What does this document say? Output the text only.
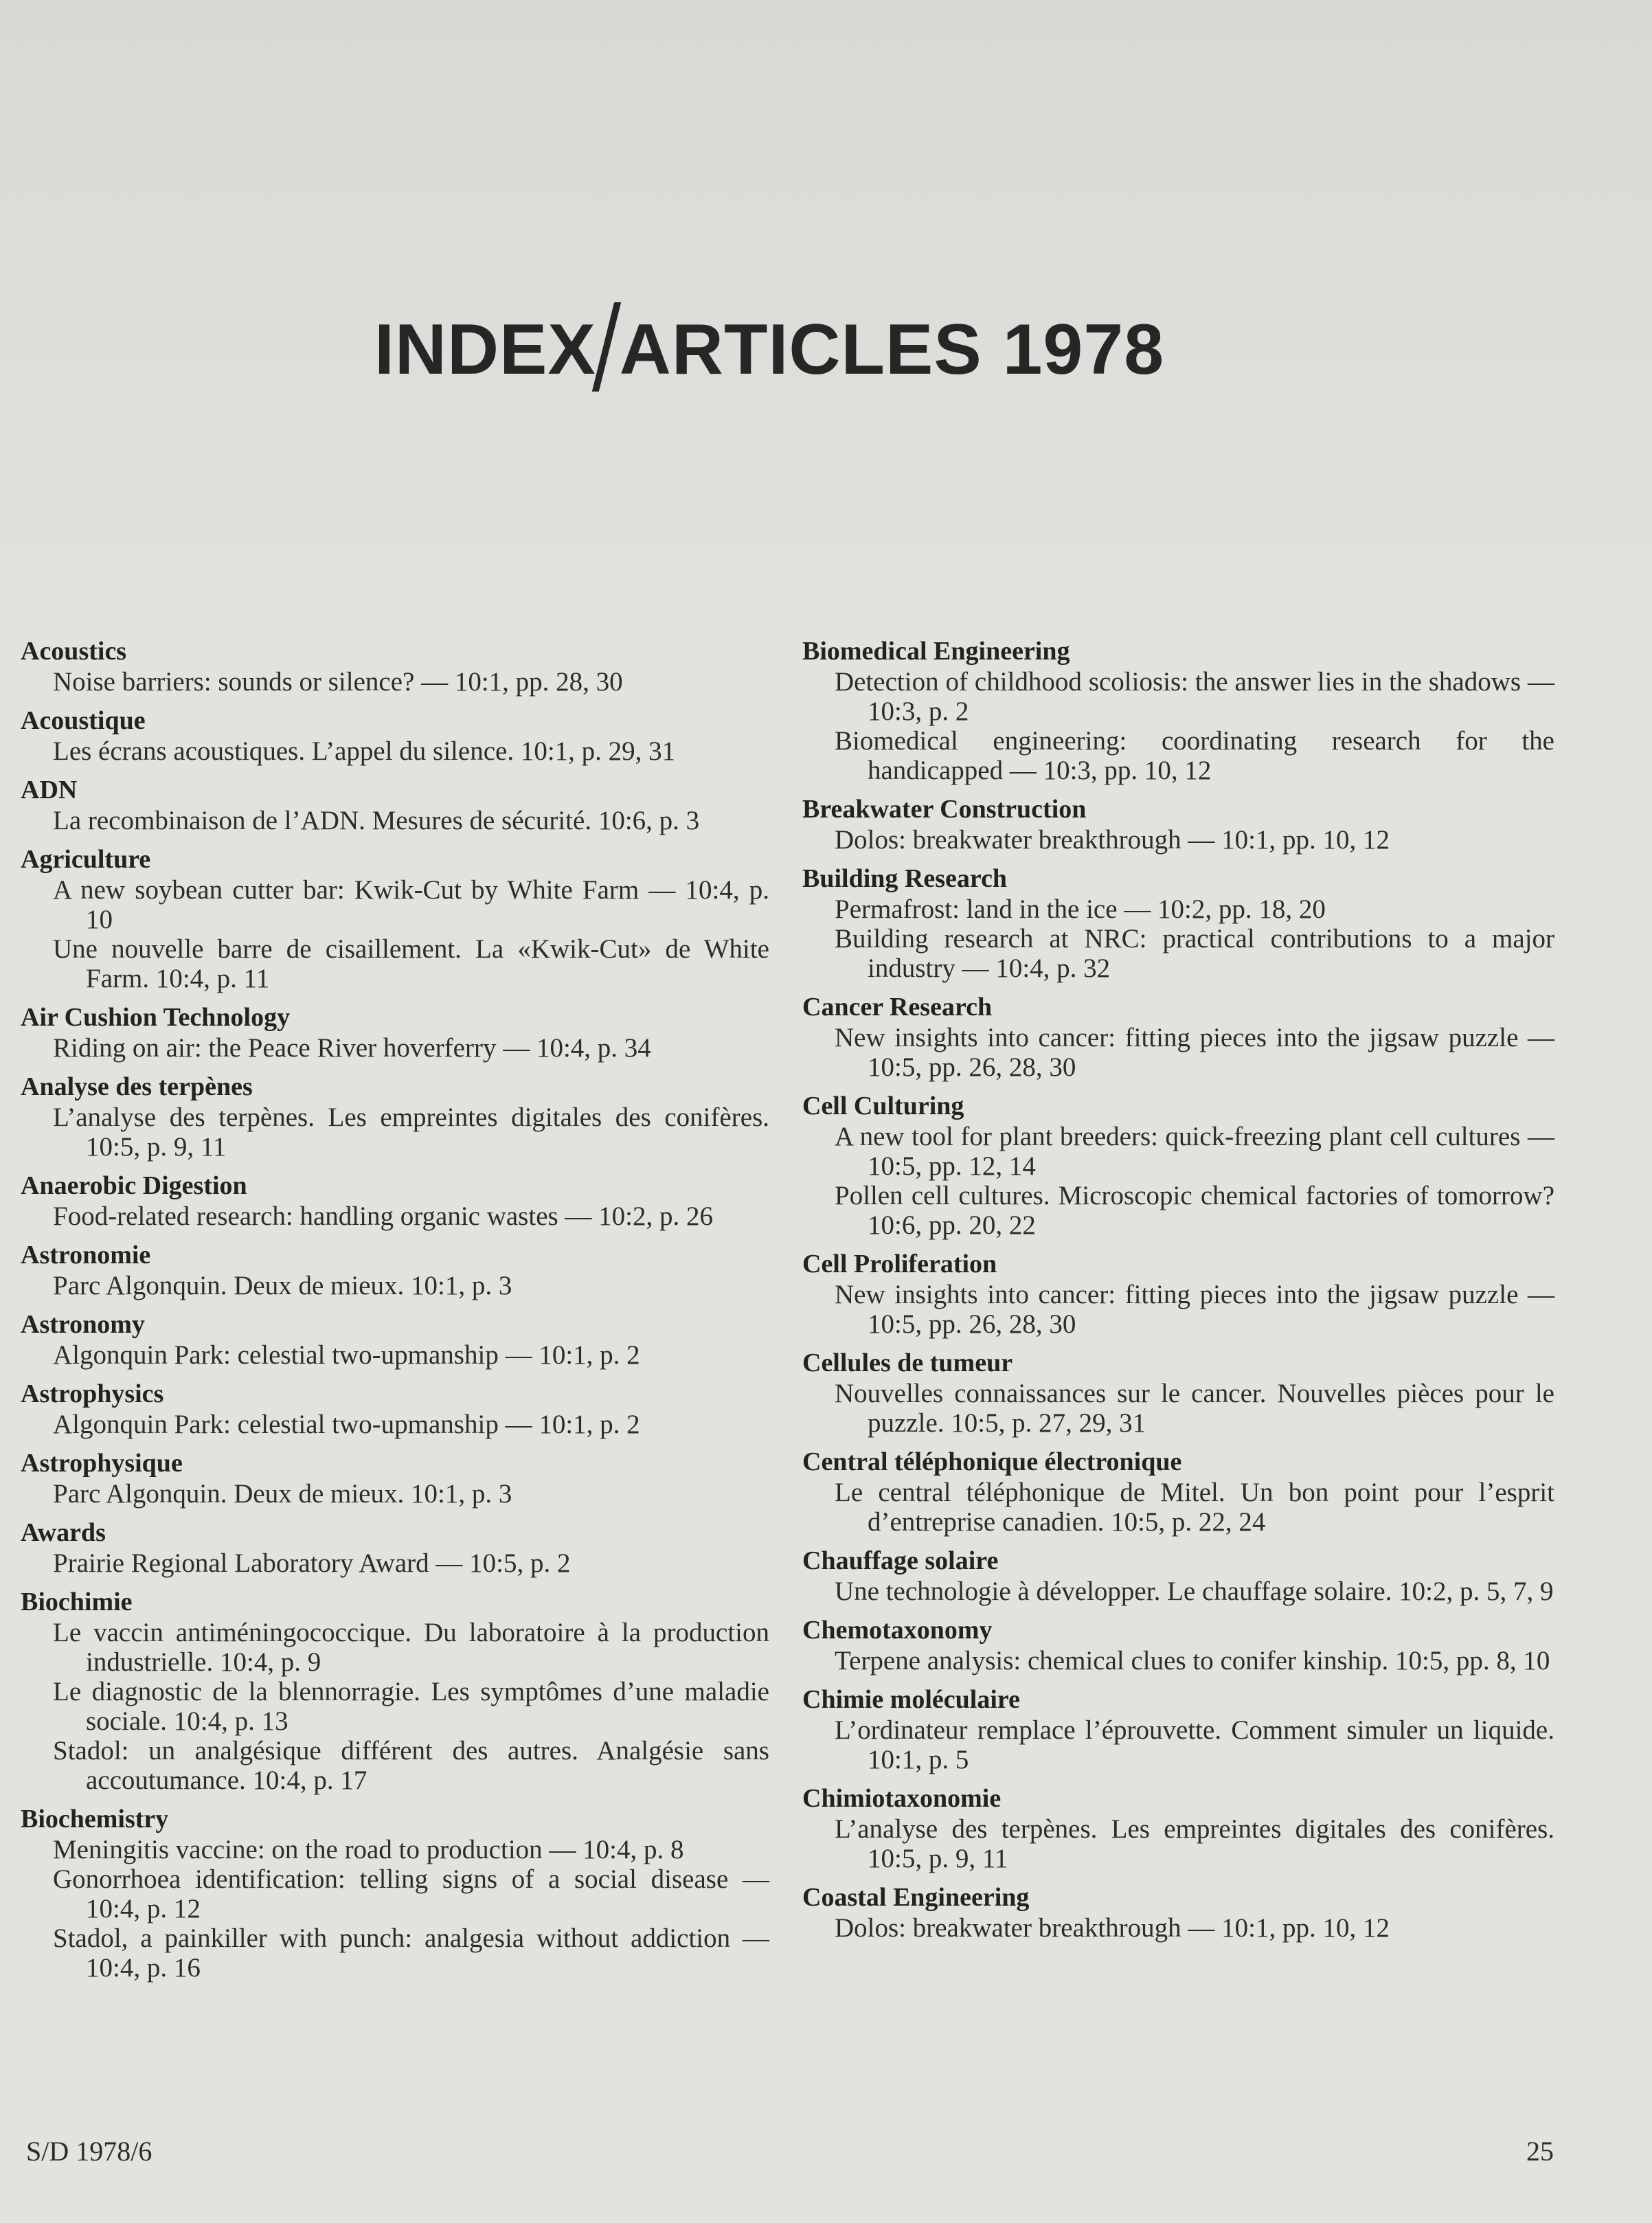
INDEX ARTICLES 1978
Acoustics
Noise barriers: sounds or silence? — 10:1, pp. 28, 30
Acoustique
Les écrans acoustiques. L’appel du silence. 10:1, p. 29, 31
ADN
La recombinaison de l’ADN. Mesures de sécurité. 10:6, p. 3
Agriculture
A new soybean cutter bar: Kwik-Cut by White Farm — 10:4, p. 10
Une nouvelle barre de cisaillement. La «Kwik-Cut» de White Farm. 10:4, p. 11
Air Cushion Technology
Riding on air: the Peace River hoverferry — 10:4, p. 34
Analyse des terpènes
L’analyse des terpènes. Les empreintes digitales des conifères. 10:5, p. 9, 11
Anaerobic Digestion
Food-related research: handling organic wastes — 10:2, p. 26
Astronomie
Parc Algonquin. Deux de mieux. 10:1, p. 3
Astronomy
Algonquin Park: celestial two-upmanship — 10:1, p. 2
Astrophysics
Algonquin Park: celestial two-upmanship — 10:1, p. 2
Astrophysique
Parc Algonquin. Deux de mieux. 10:1, p. 3
Awards
Prairie Regional Laboratory Award — 10:5, p. 2
Biochimie
Le vaccin antiméningococcique. Du laboratoire à la production industrielle. 10:4, p. 9
Le diagnostic de la blennorragie. Les symptômes d’une maladie sociale. 10:4, p. 13
Stadol: un analgésique différent des autres. Analgésie sans accoutumance. 10:4, p. 17
Biochemistry
Meningitis vaccine: on the road to production — 10:4, p. 8
Gonorrhoea identification: telling signs of a social disease — 10:4, p. 12
Stadol, a painkiller with punch: analgesia without addiction — 10:4, p. 16
Biomedical Engineering
Detection of childhood scoliosis: the answer lies in the shadows — 10:3, p. 2
Biomedical engineering: coordinating research for the handicapped — 10:3, pp. 10, 12
Breakwater Construction
Dolos: breakwater breakthrough — 10:1, pp. 10, 12
Building Research
Permafrost: land in the ice — 10:2, pp. 18, 20
Building research at NRC: practical contributions to a major industry — 10:4, p. 32
Cancer Research
New insights into cancer: fitting pieces into the jigsaw puzzle — 10:5, pp. 26, 28, 30
Cell Culturing
A new tool for plant breeders: quick-freezing plant cell cultures — 10:5, pp. 12, 14
Pollen cell cultures. Microscopic chemical factories of tomorrow? 10:6, pp. 20, 22
Cell Proliferation
New insights into cancer: fitting pieces into the jigsaw puzzle — 10:5, pp. 26, 28, 30
Cellules de tumeur
Nouvelles connaissances sur le cancer. Nouvelles pièces pour le puzzle. 10:5, p. 27, 29, 31
Central téléphonique électronique
Le central téléphonique de Mitel. Un bon point pour l’esprit d’entreprise canadien. 10:5, p. 22, 24
Chauffage solaire
Une technologie à développer. Le chauffage solaire. 10:2, p. 5, 7, 9
Chemotaxonomy
Terpene analysis: chemical clues to conifer kinship. 10:5, pp. 8, 10
Chimie moléculaire
L’ordinateur remplace l’éprouvette. Comment simuler un liquide. 10:1, p. 5
Chimiotaxonomie
L’analyse des terpènes. Les empreintes digitales des conifères. 10:5, p. 9, 11
Coastal Engineering
Dolos: breakwater breakthrough — 10:1, pp. 10, 12
S/D 1978/6	25
